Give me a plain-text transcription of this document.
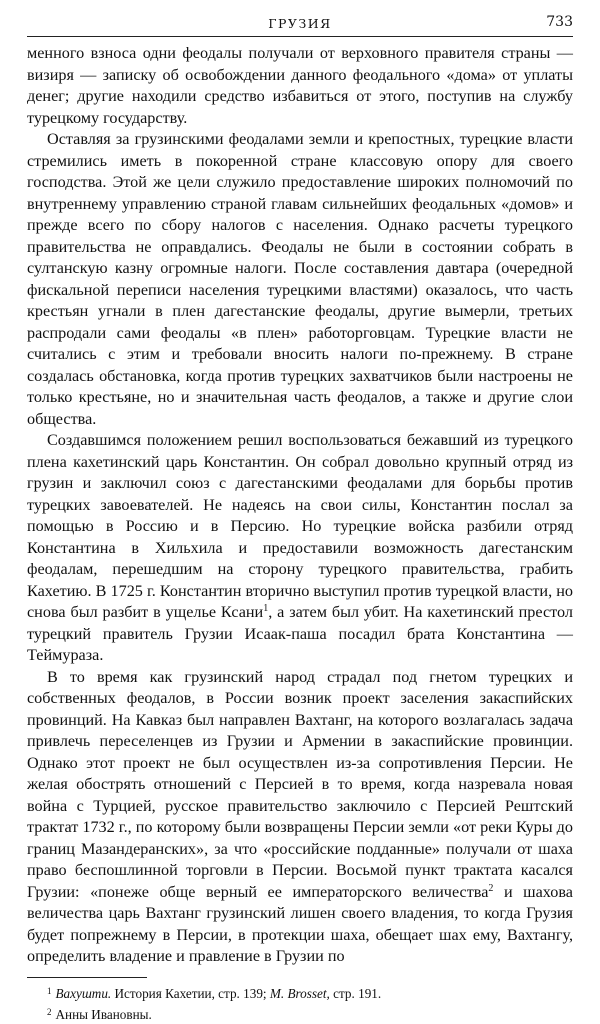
ГРУЗИЯ	733

менного взноса одни феодалы получали от верховного правителя страны — визиря — записку об освобождении данного феодального «дома» от уплаты денег; другие находили средство избавиться от этого, поступив на службу турецкому государству.

Оставляя за грузинскими феодалами земли и крепостных, турецкие власти стремились иметь в покоренной стране классовую опору для своего господства. Этой же цели служило предоставление широких полномочий по внутреннему управлению страной главам сильнейших феодальных «домов» и прежде всего по сбору налогов с населения. Однако расчеты турецкого правительства не оправдались. Феодалы не были в состоянии собрать в султанскую казну огромные налоги. После составления давтара (очередной фискальной переписи населения турецкими властями) оказалось, что часть крестьян угнали в плен дагестанские феодалы, другие вымерли, третьих распродали сами феодалы «в плен» работорговцам. Турецкие власти не считались с этим и требовали вносить налоги по-прежнему. В стране создалась обстановка, когда против турецких захватчиков были настроены не только крестьяне, но и значительная часть феодалов, а также и другие слои общества.

Создавшимся положением решил воспользоваться бежавший из турецкого плена кахетинский царь Константин. Он собрал довольно крупный отряд из грузин и заключил союз с дагестанскими феодалами для борьбы против турецких завоевателей. Не надеясь на свои силы, Константин послал за помощью в Россию и в Персию. Но турецкие войска разбили отряд Константина в Хильхила и предоставили возможность дагестанским феодалам, перешедшим на сторону турецкого правительства, грабить Кахетию. В 1725 г. Константин вторично выступил против турецкой власти, но снова был разбит в ущелье Ксани$^1$, а затем был убит. На кахетинский престол турецкий правитель Грузии Исаак-паша посадил брата Константина — Теймураза.

В то время как грузинский народ страдал под гнетом турецких и собственных феодалов, в России возник проект заселения закаспийских провинций. На Кавказ был направлен Вахтанг, на которого возлагалась задача привлечь переселенцев из Грузии и Армении в закаспийские провинции. Однако этот проект не был осуществлен из-за сопротивления Персии. Не желая обострять отношений с Персией в то время, когда назревала новая война с Турцией, русское правительство заключило с Персией Рештский трактат 1732 г., по которому были возвращены Персии земли «от реки Куры до границ Мазандеранских», за что «российские подданные» получали от шаха право беспошлинной торговли в Персии. Восьмой пункт трактата касался Грузии: «понеже обще верный ее императорского величества$^2$ и шахова величества царь Вахтанг грузинский лишен своего владения, то когда Грузия будет попрежнему в Персии, в протекции шаха, обещает шах ему, Вахтангу, определить владение и правление в Грузии по

$^1$ Вахушти. История Кахетии, стр. 139; M. Brosset, стр. 191.
$^2$ Анны Ивановны.
